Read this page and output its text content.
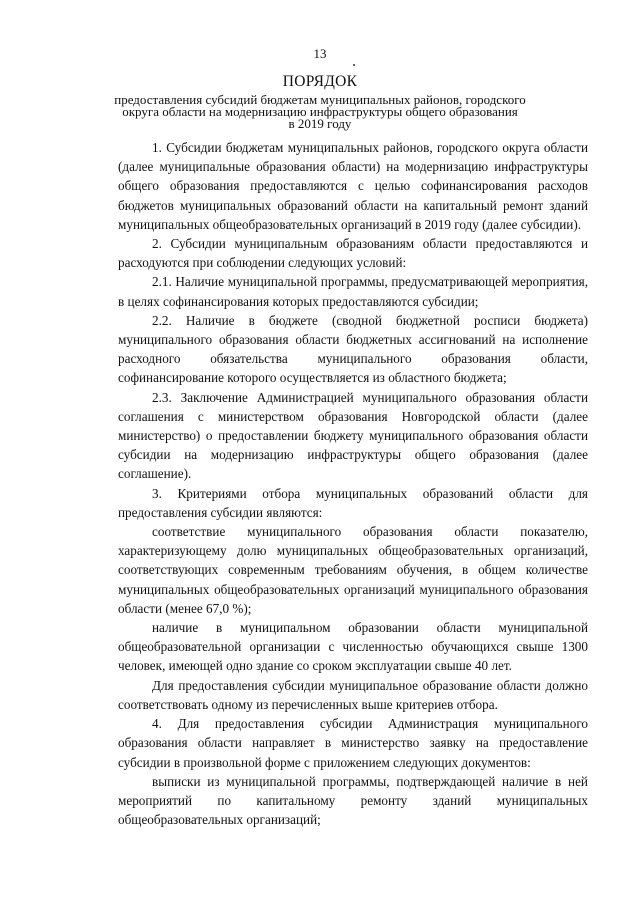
13
ПОРЯДОК
предоставления субсидий бюджетам муниципальных районов, городского
округа области на модернизацию инфраструктуры общего образования
в 2019 году

1. Субсидии бюджетам муниципальных районов, городского округа области (далее муниципальные образования области) на модернизацию инфраструктуры общего образования предоставляются с целью софинансирования расходов бюджетов муниципальных образований области на капитальный ремонт зданий муниципальных общеобразовательных организаций в 2019 году (далее субсидии).

2. Субсидии муниципальным образованиям области предоставляются и расходуются при соблюдении следующих условий:

2.1. Наличие муниципальной программы, предусматривающей мероприятия, в целях софинансирования которых предоставляются субсидии;

2.2. Наличие в бюджете (сводной бюджетной росписи бюджета) муниципального образования области бюджетных ассигнований на исполнение расходного обязательства муниципального образования области, софинансирование которого осуществляется из областного бюджета;

2.3. Заключение Администрацией муниципального образования области соглашения с министерством образования Новгородской области (далее министерство) о предоставлении бюджету муниципального образования области субсидии на модернизацию инфраструктуры общего образования (далее соглашение).

3. Критериями отбора муниципальных образований области для предоставления субсидии являются:

соответствие муниципального образования области показателю, характеризующему долю муниципальных общеобразовательных организаций, соответствующих современным требованиям обучения, в общем количестве муниципальных общеобразовательных организаций муниципального образования области (менее 67,0 %);

наличие в муниципальном образовании области муниципальной общеобразовательной организации с численностью обучающихся свыше 1300 человек, имеющей одно здание со сроком эксплуатации свыше 40 лет.

Для предоставления субсидии муниципальное образование области должно соответствовать одному из перечисленных выше критериев отбора.

4. Для предоставления субсидии Администрация муниципального образования области направляет в министерство заявку на предоставление субсидии в произвольной форме с приложением следующих документов:

выписки из муниципальной программы, подтверждающей наличие в ней мероприятий по капитальному ремонту зданий муниципальных общеобразовательных организаций;
